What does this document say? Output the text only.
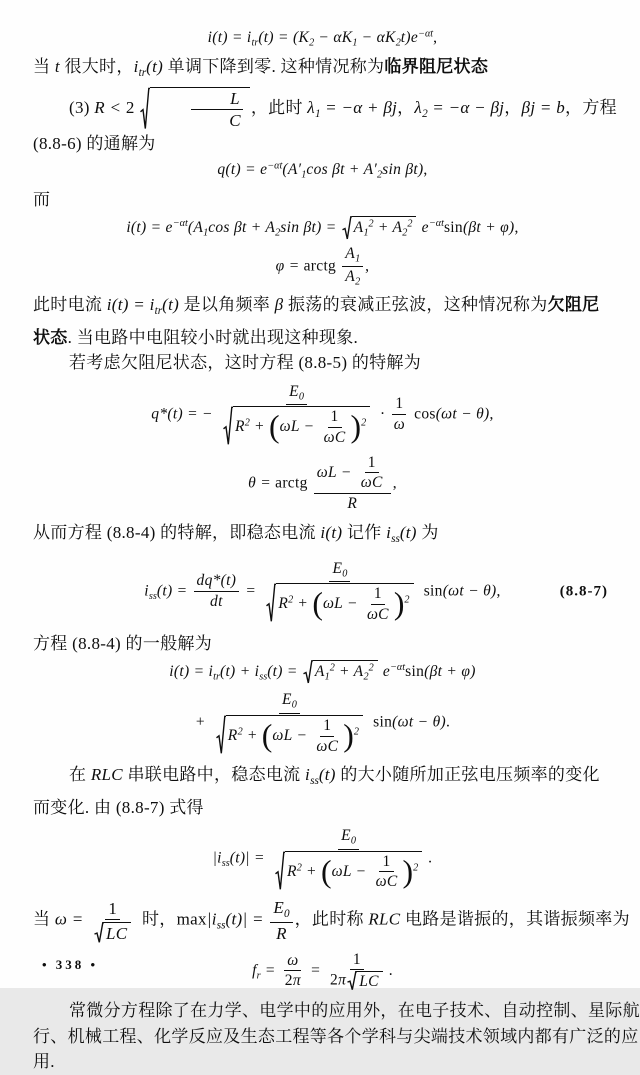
$i(t) = i_{tr}(t) = (K_2 - \alpha K_1 - \alpha K_2t)e^{-\alpha t}$,
当 t 很大时，$i_{tr}(t)$ 单调下降到零. 这种情况称为临界阻尼状态
(3) R < 2	$\frac{L}{C}$ ，此时 $\lambda_1 = -\alpha + \beta j$，$\lambda_2 = -\alpha - \beta j$，βj = b，方程
(8.8-6) 的通解为
$q(t) = e^{-\alpha t}(A'_1\cos$ $\beta t + A'_2\sin$ βt),
而
$i(t) = e^{-\alpha t}(A_1\cos$ $\beta t + A_2\sin$ $\beta t) = A_1^2 + A_2^2$ $e^{-\alpha t}\sin(\beta t + \varphi)$,
φ = arctg $\frac{A_1}{A_2}$ ,
此时电流 $i(t) = i_{tr}(t)$ 是以角频率 β 振荡的衰减正弦波，这种情况称为欠阻尼
状态. 当电路中电阻较小时就出现这种现象.
若考虑欠阻尼状态，这时方程 (8.8-5) 的特解为
q*(t) = − $\frac{E_0}{R^2 + (\omega L - \frac{1}{\omega C} )^2} \cdot \frac{1}{\omega} \cos(\omega t - \theta)$,
θ = arctg $\frac{\omega L - \frac{1}{\omega C}}{R}$ ,
从而方程 (8.8-4) 的特解，即稳态电流 i(t) 记作 $i_{ss}(t)$ 为
$i_{ss}(t) = \frac{dq*(t)}{dt} = \frac{E_0}{R^2 + (\omega L - \frac{1}{\omega C} )^2} \sin(\omega t - \theta)$,	(8.8-7)
方程 (8.8-4) 的一般解为
$i(t) = i_{tr}(t) + i_{ss}(t) = A_1^2 + A_2^2$ $e^{-\alpha t}\sin(\beta t + \varphi)$
+ $\frac{E_0}{R^2 + (\omega L - \frac{1}{\omega C} )^2} \sin(\omega t - \theta)$.
在 RLC 串联电路中，稳态电流 $i_{ss}(t)$ 的大小随所加正弦电压频率的变化
而变化. 由 (8.8-7) 式得
$|i_{ss}(t)| = \frac{E_0}{R^2 + (\omega L - \frac{1}{\omega C} )^2}$ .
当 $\omega = \frac{1}{LC}$ 时，$\max|i_{ss}(t)| = \frac{E_0}{R}$ ，此时称 RLC 电路是谐振的，其谐振频率为
$f_r = \frac{\omega}{2\pi} = \frac{1}{\text{2π LC}}$ .
常微分方程除了在力学、电学中的应用外，在电子技术、自动控制、星际航
行、机械工程、化学反应及生态工程等各个学科与尖端技术领域内都有广泛的应
用.
• 338 •
